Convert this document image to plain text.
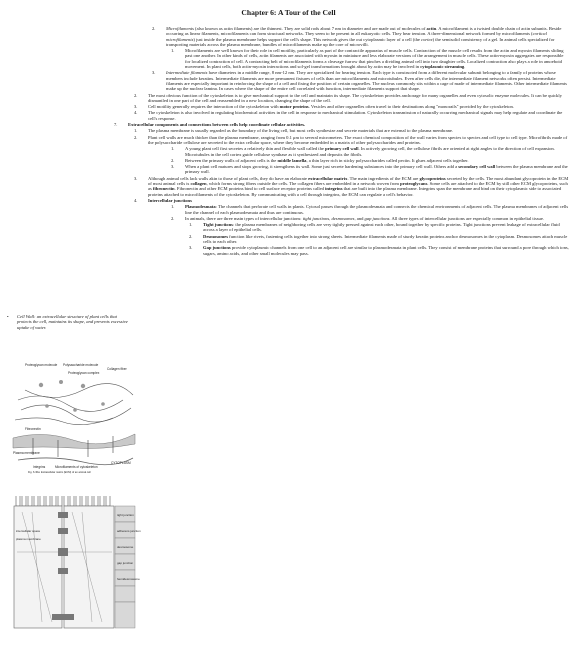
Chapter 6: A Tour of the Cell
2. Microfilaments (also known as actin filaments) are the thinnest. They are solid rods about 7 nm in diameter and are made out of molecules of actin. A microfilament is a twisted double chain of actin subunits. Beside occurring as linear filaments, microfilaments can form structural networks. They seem to be present in all eukaryotic cells. They bear tension. A three-dimensional network formed by microfilaments (cortical microfilaments) just inside the plasma membrane helps support the cell's shape. This network gives the out cytoplasmic layer of a cell (the cortex) the semisolid consistency of a gel. In animal cells specialized for transporting materials across the plasma membrane, bundles of microfilaments make up the core of microvilli.
1. Microfilaments are well known for their role in cell motility, particularly as part of the contractile apparatus of muscle cells. Contraction of the muscle cell results from the actin and myosin filaments sliding past one another. In other kinds of cells, actin filaments are associated with myosin in miniature and less elaborate versions of the arrangement in muscle cells. These actin-myosin aggregates are responsible for localized contraction of cell. A contracting belt of microfilaments forms a cleavage furrow that pinches a dividing animal cell into two daughter cells. Localized contraction also plays a role in amoeboid movement. In plant cells, both actin-myosin interactions and sol-gel transformations brought about by actin may be involved in cytoplasmic streaming.
3. Intermediate filaments have diameters in a middle range, 8 nm-12 nm. They are specialized for bearing tension. Each type is constructed from a different molecular subunit belonging to a family of proteins whose members include keratins. Intermediate filaments are more permanent fixtures of cells than are microfilaments and microtubules. Even after cells die, the intermediate filament networks often persist. Intermediate filaments are especially important in reinforcing the shape of a cell and fixing the position of certain organelles. The nucleus commonly sits within a cage of made of intermediate filaments. Other intermediate filaments make up the nuclear lamina. In cases where the shape of the entire cell correlated with function, intermediate filaments support that shape.
2. The most obvious function of the cytoskeleton is to give mechanical support to the cell and maintain its shape. The cytoskeleton provides anchorage for many organelles and even cytosolic enzyme molecules. It can be quickly dismantled in one part of the cell and reassembled in a new location, changing the shape of the cell.
3. Cell motility generally requires the interaction of the cytoskeleton with motor proteins. Vesicles and other organelles often travel to their destinations along "monorails" provided by the cytoskeleton.
4. The cytoskeleton is also involved in regulating biochemical activities in the cell in response to mechanical stimulation. Cytoskeleton transmission of naturally occurring mechanical signals may help regulate and coordinate the cell's response.
7. Extracellular components and connections between cells help coordinate cellular activities.
1. The plasma membrane is usually regarded as the boundary of the living cell, but most cells synthesize and secrete materials that are external to the plasma membrane.
2. Plant cell walls are much thicker than the plasma membrane, ranging from 0.1 μm to several micrometers. The exact chemical composition of the wall varies from species to species and cell type to cell type. Microfibrils made of the polysaccharide cellulose are secreted to the extra cellular space, where they become embedded in a matrix of other polysaccharides and proteins.
1. A young plant cell first secretes a relatively thin and flexible wall called the primary cell wall. In actively growing cell, the cellulose fibrils are oriented at right angles to the direction of cell expansion. Microtubules in the cell cortex guide cellulose synthase as it synthesized and deposits the fibrils.
2. Between the primary walls of adjacent cells is the middle lamella, a thin layer rich in sticky polysaccharides called pectin. It glues adjacent cells together.
3. When a plant cell matures and stops growing, it strengthens its wall. Some just secrete hardening substances into the primary cell wall. Others add a secondary cell wall between the plasma membrane and the primary wall.
3. Although animal cells lack walls akin to those of plant cells, they do have an elaborate extracellular matrix. The main ingredients of the ECM are glycoproteins secreted by the cells. The most abundant glycoprotein in the ECM of most animal cells is collagen, which forms strong fibers outside the cells. The collagen fibers are embedded in a network woven from proteoglycans. Some cells are attached to the ECM by still other ECM glycoproteins, such as fibronectin. Fibronectin and other ECM proteins bind to cell surface receptor proteins called integrins that are built into the plasma membrane. Integrins span the membrane and bind on their cytoplasmic side to associated proteins attached to microfilaments of the cytoskeleton. By communicating with a cell through integrins, the ECM can regulate a cell's behavior.
4. Intercellular junctions
1. Plasmodesmata: The channels that perforate cell walls in plants. Cytosol passes through the plasmodesmata and connects the chemical environments of adjacent cells. The plasma membranes of adjacent cells line the channel of each plasmodesmata and thus are continuous.
2. In animals, there are three main types of intercellular junctions: tight junctions, desmosomes, and gap junctions. All three types of intercellular junctions are especially common in epithelial tissue.
1. Tight junctions: the plasma membranes of neighboring cells are very tightly pressed against each other, bound together by specific proteins. Tight junctions prevent leakage of extracellular fluid across a layer of epithelial cells.
2. Desmosomes function like rivets, fastening cells together into strong sheets. Intermediate filaments made of sturdy keratin proteins anchor desmosomes in the cytoplasm. Desmosomes attach muscle cells to each other.
3. Gap junctions provide cytoplasmic channels from one cell to an adjacent cell are similar to plasmodesmata in plant cells. They consist of membrane proteins that surround a pore through which ions, sugars, amino acids, and other small molecules may pass.
• Cell Wall: an extracellular structure of plant cells that protects the cell, maintains its shape, and prevents excessive uptake of water.
Proteoglycan molecule Polysaccharide molecule
Collagen fiber
Proteoglycan complex
Fibronectin
Plasma membrane
CYTOPLASM
Integrins	Microfilaments of cytoskeleton
Fig. 6.30a: Extracellular matrix (ECM) of an animal cell
tight junction
adherens junction
desmosome
gap junction
hemidesmosome
intercellular space
plasma membrane
